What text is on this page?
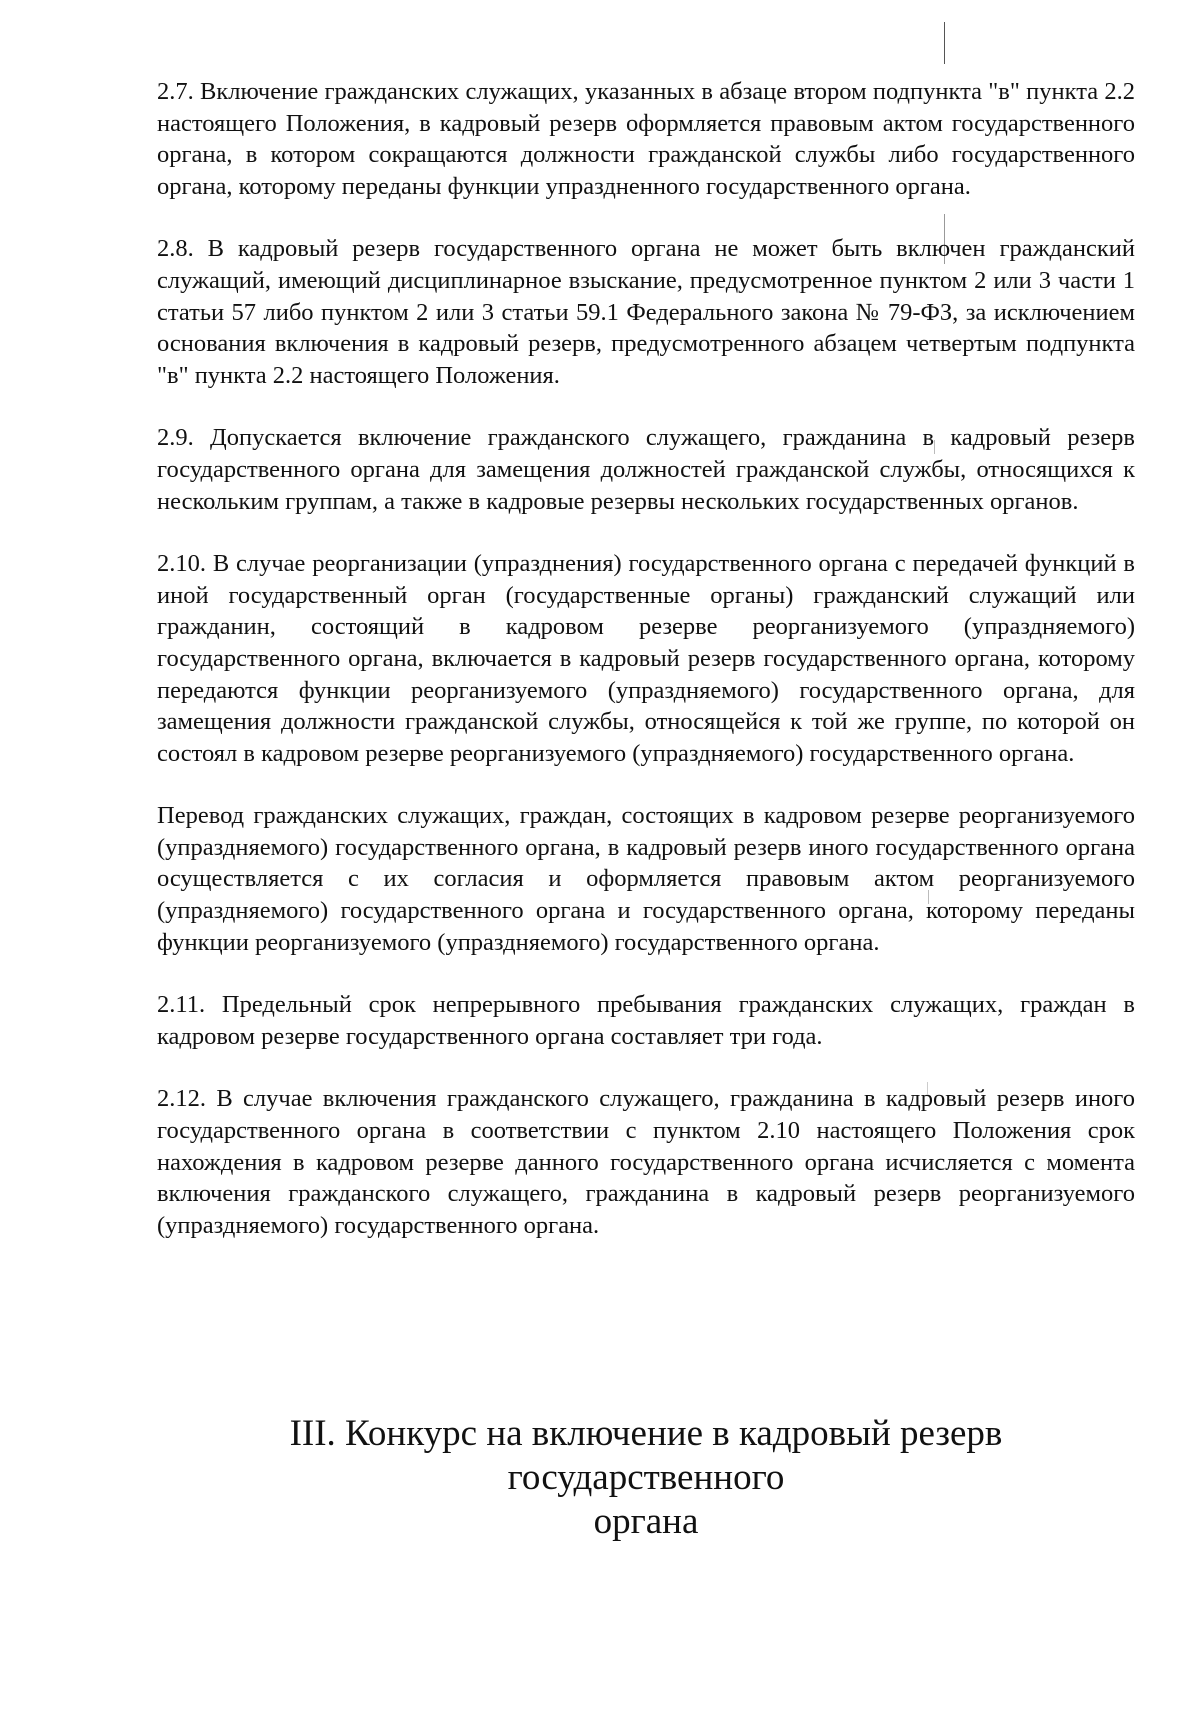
2.7. Включение гражданских служащих, указанных в абзаце втором подпункта "в" пункта 2.2 настоящего Положения, в кадровый резерв оформляется правовым актом государственного органа, в котором сокращаются должности гражданской службы либо государственного органа, которому переданы функции упраздненного государственного органа.

2.8. В кадровый резерв государственного органа не может быть включен гражданский служащий, имеющий дисциплинарное взыскание, предусмотренное пунктом 2 или 3 части 1 статьи 57 либо пунктом 2 или 3 статьи 59.1 Федерального закона № 79-ФЗ, за исключением основания включения в кадровый резерв, предусмотренного абзацем четвертым подпункта "в" пункта 2.2 настоящего Положения.

2.9. Допускается включение гражданского служащего, гражданина в кадровый резерв государственного органа для замещения должностей гражданской службы, относящихся к нескольким группам, а также в кадровые резервы нескольких государственных органов.

2.10. В случае реорганизации (упразднения) государственного органа с передачей функций в иной государственный орган (государственные органы) гражданский служащий или гражданин, состоящий в кадровом резерве реорганизуемого (упраздняемого) государственного органа, включается в кадровый резерв государственного органа, которому передаются функции реорганизуемого (упраздняемого) государственного органа, для замещения должности гражданской службы, относящейся к той же группе, по которой он состоял в кадровом резерве реорганизуемого (упраздняемого) государственного органа.

Перевод гражданских служащих, граждан, состоящих в кадровом резерве реорганизуемого (упраздняемого) государственного органа, в кадровый резерв иного государственного органа осуществляется с их согласия и оформляется правовым актом реорганизуемого (упраздняемого) государственного органа и государственного органа, которому переданы функции реорганизуемого (упраздняемого) государственного органа.

2.11. Предельный срок непрерывного пребывания гражданских служащих, граждан в кадровом резерве государственного органа составляет три года.

2.12. В случае включения гражданского служащего, гражданина в кадровый резерв иного государственного органа в соответствии с пунктом 2.10 настоящего Положения срок нахождения в кадровом резерве данного государственного органа исчисляется с момента включения гражданского служащего, гражданина в кадровый резерв реорганизуемого (упраздняемого) государственного органа.

III. Конкурс на включение в кадровый резерв государственного
органа
